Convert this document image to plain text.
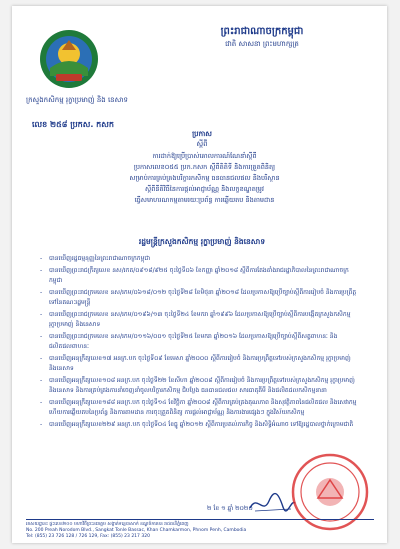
ព្រះរាជាណាចក្រកម្ពុជា
ជាតិ សាសនា ព្រះមហាក្សត្រ
ក្រសួងកសិកម្ម រុក្ខាប្រមាញ់ និង នេសាទ
លេខ ២៥៨ ប្រកស. កសក
ប្រកាស
ស្ដីពី
ការដាក់ឱ្យប្រើប្រាស់គោលការណ៍ណែនាំស្ដីពី
ប្រកាសលេខ០៥៥ ប្រក.កសក ស្ដីពីតិតិទី និងការត្រួតពិនិត្យ
សម្រាប់ការគ្រប់គ្រងបរិក្ខារកសិកម្ម ធនធានជលផល និងបរិស្ថាន
ស្ដីពីនីតិវិធីនៃការផ្ដល់អាជ្ញាប័ណ្ណ និងលក្ខខណ្ឌតម្រូវ
ធ្វើសមាហរណកម្មតាមរយៈប្រព័ន្ធ ការឆ្លើយតប និងតាមដាន
រដ្ឋមន្ត្រីក្រសួងកសិកម្ម រុក្ខាប្រមាញ់ និងនេសាទ
- បានឃើញរដ្ឋធម្មនុញ្ញនៃព្រះរាជាណាចក្រកម្ពុជា
- បានឃើញព្រះរាជក្រឹត្យលេខ នស/រកត/០៩១៨/៩២៥ ចុះថ្ងៃទី០៦ ខែកញ្ញា ឆ្នាំ២០១៨ ស្ដីពីការតែងតាំងរាជរដ្ឋាភិបាលនៃព្រះរាជាណាចក្រកម្ពុជា
- បានឃើញព្រះរាជក្រមលេខ នស/រកម/០៦១៨/០១២ ចុះថ្ងៃទី២៨ ខែមិថុនា ឆ្នាំ២០១៨ ដែលប្រកាសឱ្យប្រើច្បាប់ស្ដីពីការរៀបចំ និងការប្រព្រឹត្តទៅនៃគណៈរដ្ឋមន្ត្រី
- បានឃើញព្រះរាជក្រមលេខ នស/រកម/០១៩៦/១៣ ចុះថ្ងៃទី២៤ ខែមករា ឆ្នាំ១៩៩៦ ដែលប្រកាសឱ្យប្រើច្បាប់ស្ដីពីការបង្កើតក្រសួងកសិកម្ម រុក្ខាប្រមាញ់ និងនេសាទ
- បានឃើញព្រះរាជក្រមលេខ នស/រកម/០១១៦/០០១ ចុះថ្ងៃទី២៥ ខែមករា ឆ្នាំ២០១៦ ដែលប្រកាសឱ្យប្រើច្បាប់ស្ដីពីសត្វពាហនៈ និងផលិតផលពាហនៈ
- បានឃើញអនុក្រឹត្យលេខ១៧ អនក្រ.បក ចុះថ្ងៃទី០៩ ខែមេសា ឆ្នាំ២០០០ ស្ដីពីការរៀបចំ និងការប្រព្រឹត្តទៅរបស់ក្រសួងកសិកម្ម រុក្ខាប្រមាញ់ និងនេសាទ
- បានឃើញអនុក្រឹត្យលេខ១០៨ អនក្រ.បក ចុះថ្ងៃទី២២ ខែសីហា ឆ្នាំ២០០៨ ស្ដីពីការរៀបចំ និងការប្រព្រឹត្តទៅរបស់ក្រសួងកសិកម្ម រុក្ខាប្រមាញ់ និងនេសាទ និងការគ្រប់គ្រងការនាំចេញនាំចូលបរិក្ខារកសិកម្ម ជិបប្លែង ធនធានជលផល សារធាតុគីមី និងផលិតផលកសិកម្មនានា
- បានឃើញអនុក្រឹត្យលេខ១៨៨ អនក្រ.បក ចុះថ្ងៃទី១៤ ខែវិច្ឆិកា ឆ្នាំ២០០៨ ស្ដីពីការគ្រប់គ្រងគុណភាព និងសុវត្ថិភាពនៃផលិតផល និងសេវាកម្ម ហើយការឆ្លើយតបនៃប្រព័ន្ធ និងការតាមដាន ការចុះត្រួតពិនិត្យ ការផ្ដល់អាជ្ញាប័ណ្ណ និងការងារផ្សេងៗ ក្នុងវិស័យកសិកម្ម
- បានឃើញអនុក្រឹត្យលេខ២២៩ អនក្រ.បក ចុះថ្ងៃទី០៤ ខែធ្នូ ឆ្នាំ២០១២ ស្ដីពីការប្រគល់ភារកិច្ច និងសិទ្ធិអំណាច ទៅឱ្យរដ្ឋបាលថ្នាក់ក្រោមជាតិ
២ ខែ ១ ឆ្នាំ ២០២០
អាសយដ្ឋាន៖ ផ្ទះលេខ២០០ មហាវិថីព្រះនរោត្តម សង្កាត់ទន្លេបាសាក់ ខណ្ឌចំការមន រាជធានីភ្នំពេញ
No. 200 Preah Norodom Blvd., Sangkat Tonle Bassac, Khan Chamkarmon, Phnom Penh, Cambodia
Tel: (855) 23 726 128 / 726 129, Fax: (855) 23 217 320
